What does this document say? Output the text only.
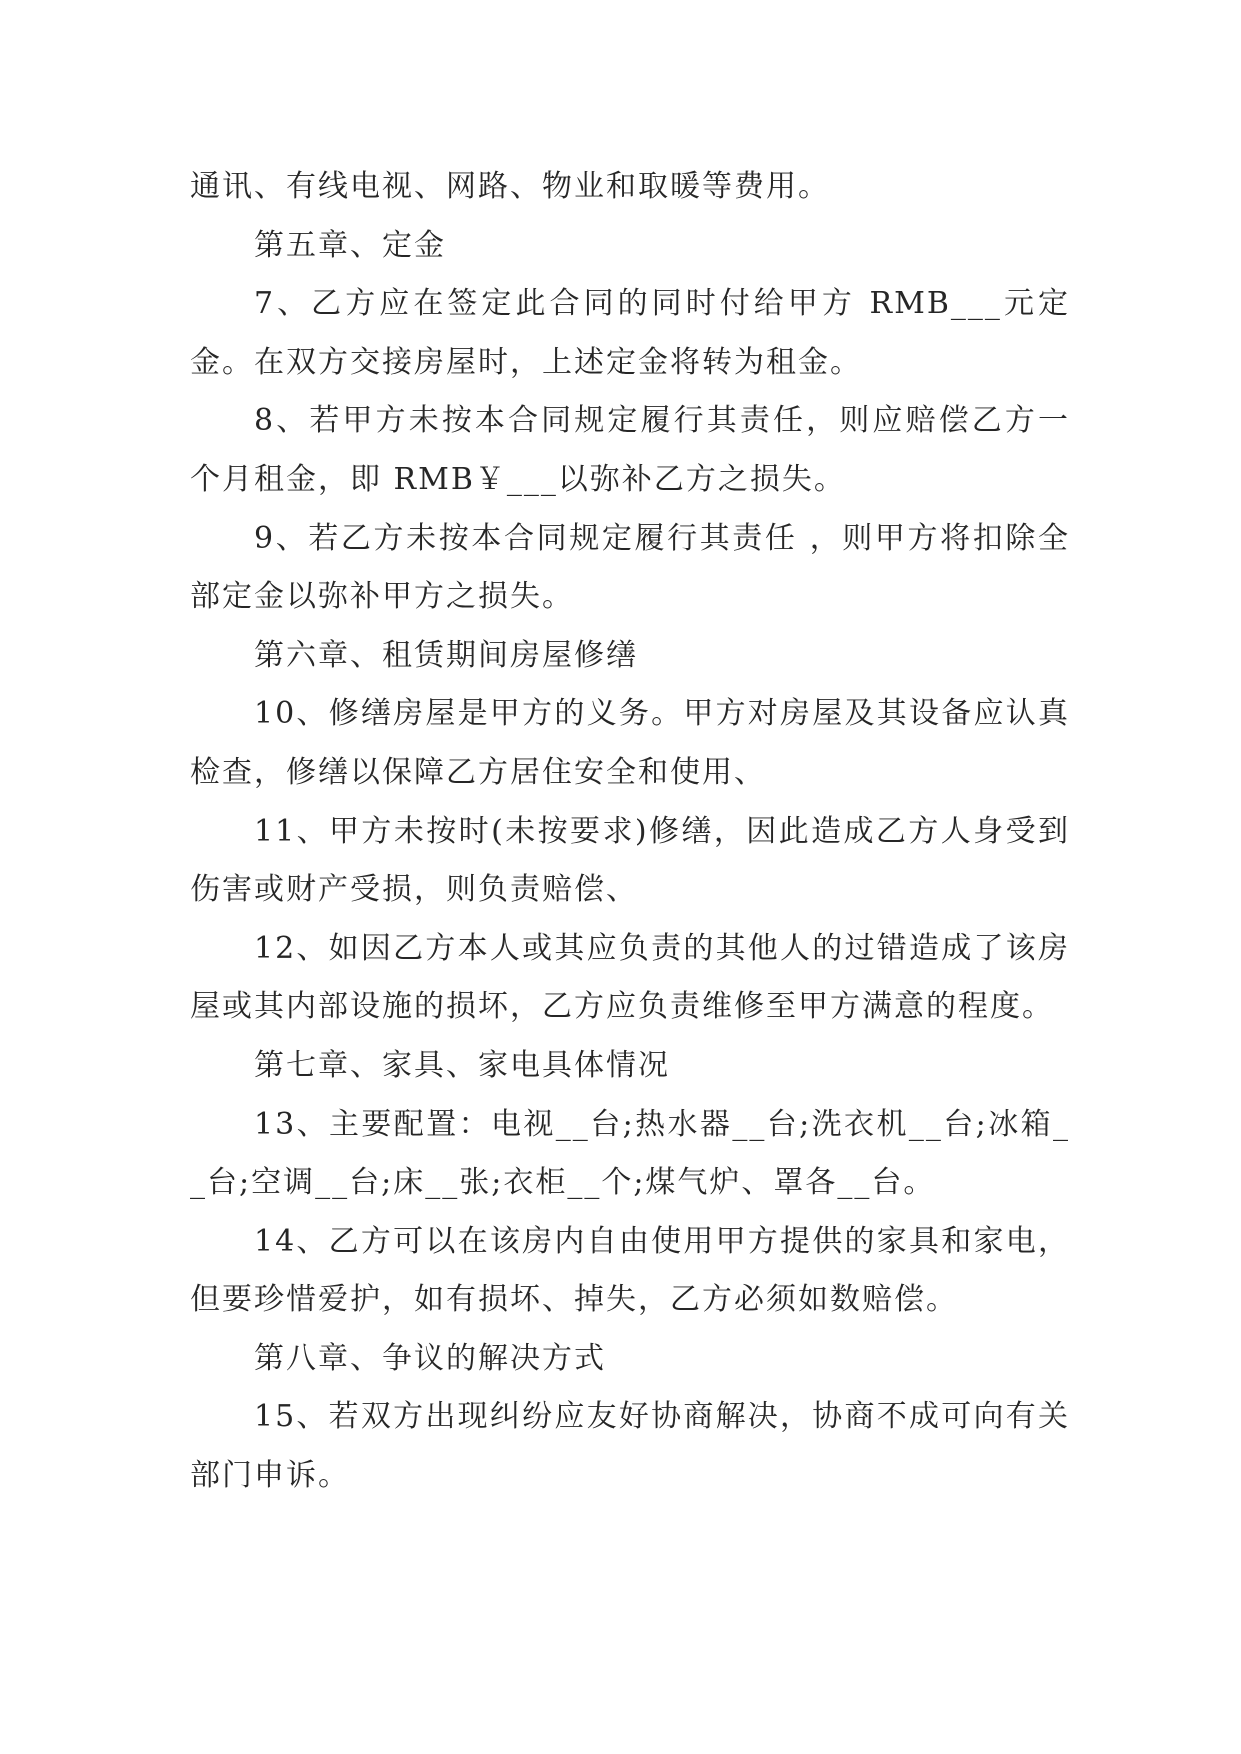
通讯、有线电视、网路、物业和取暖等费用。

第五章、定金

7、乙方应在签定此合同的同时付给甲方 RMB___元定金。在双方交接房屋时，上述定金将转为租金。

8、若甲方未按本合同规定履行其责任，则应赔偿乙方一个月租金，即 RMB￥___以弥补乙方之损失。

9、若乙方未按本合同规定履行其责任 ，则甲方将扣除全部定金以弥补甲方之损失。

第六章、租赁期间房屋修缮

10、修缮房屋是甲方的义务。甲方对房屋及其设备应认真检查，修缮以保障乙方居住安全和使用、

11、甲方未按时(未按要求)修缮，因此造成乙方人身受到伤害或财产受损，则负责赔偿、

12、如因乙方本人或其应负责的其他人的过错造成了该房屋或其内部设施的损坏，乙方应负责维修至甲方满意的程度。

第七章、家具、家电具体情况

13、主要配置：电视__台;热水器__台;洗衣机__台;冰箱__台;空调__台;床__张;衣柜__个;煤气炉、罩各__台。

14、乙方可以在该房内自由使用甲方提供的家具和家电，但要珍惜爱护，如有损坏、掉失，乙方必须如数赔偿。

第八章、争议的解决方式

15、若双方出现纠纷应友好协商解决，协商不成可向有关部门申诉。
